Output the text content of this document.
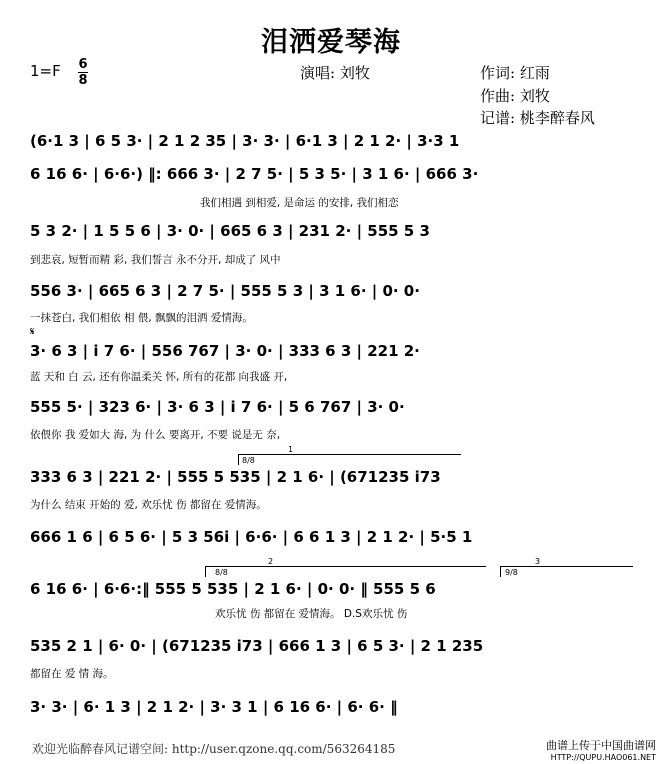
泪洒爱琴海
1=F 6
8	演唱: 刘牧	作词: 红雨
作曲: 刘牧
记谱: 桃李醉春风
(6·1 3 | 6 5 3· | 2 1 2 35 | 3· 3· | 6·1 3 | 2 1 2· | 3·3 1
6 16 6· | 6·6·) ‖: 666 3· | 2 7 5· | 5 3 5· | 3 1 6· | 666 3·
我们相遇 到相爱, 是命运 的安排, 我们相恋
5 3 2· | 1 5 5 6 | 3· 0· | 665 6 3 | 231 2· | 555 5 3
到悲哀, 短暂而精 彩, 我们誓言 永不分开, 却成了 风中
556 3· | 665 6 3 | 2 7 5· | 555 5 3 | 3 1 6· | 0· 0·
一抹苍白, 我们相依 相 偎, 飘飘的泪洒 爱情海。
𝄋
3· 6 3 | i 7 6· | 556 767 | 3· 0· | 333 6 3 | 221 2·
蓝 天和 白 云, 还有你温柔关 怀, 所有的花都 向我盛 开,
555 5· | 323 6· | 3· 6 3 | i 7 6· | 5 6 767 | 3· 0·
依偎你 我 爱如大 海, 为 什么 要离开, 不要 说是无 奈,
8/8
1
333 6 3 | 221 2· | 555 5 535 | 2 1 6· | (671235 i73
为什么 结束 开始的 爱, 欢乐忧 伤 都留在 爱情海。
666 1 6 | 6 5 6· | 5 3 56i | 6·6· | 6 6 1 3 | 2 1 2· | 5·5 1
8/8
2
9/8
3
6 16 6· | 6·6·:‖ 555 5 535 | 2 1 6· | 0· 0· ‖ 555 5 6
欢乐忧 伤 都留在 爱情海。 D.S欢乐忧 伤
535 2 1 | 6· 0· | (671235 i73 | 666 1 3 | 6 5 3· | 2 1 235
都留在 爱 情 海。
3· 3· | 6· 1 3 | 2 1 2· | 3· 3 1 | 6 16 6· | 6· 6· ‖
欢迎光临醉春风记谱空间: http://user.qzone.qq.com/563264185	曲谱上传于中国曲谱网
HTTP://QUPU.HAO061.NET
